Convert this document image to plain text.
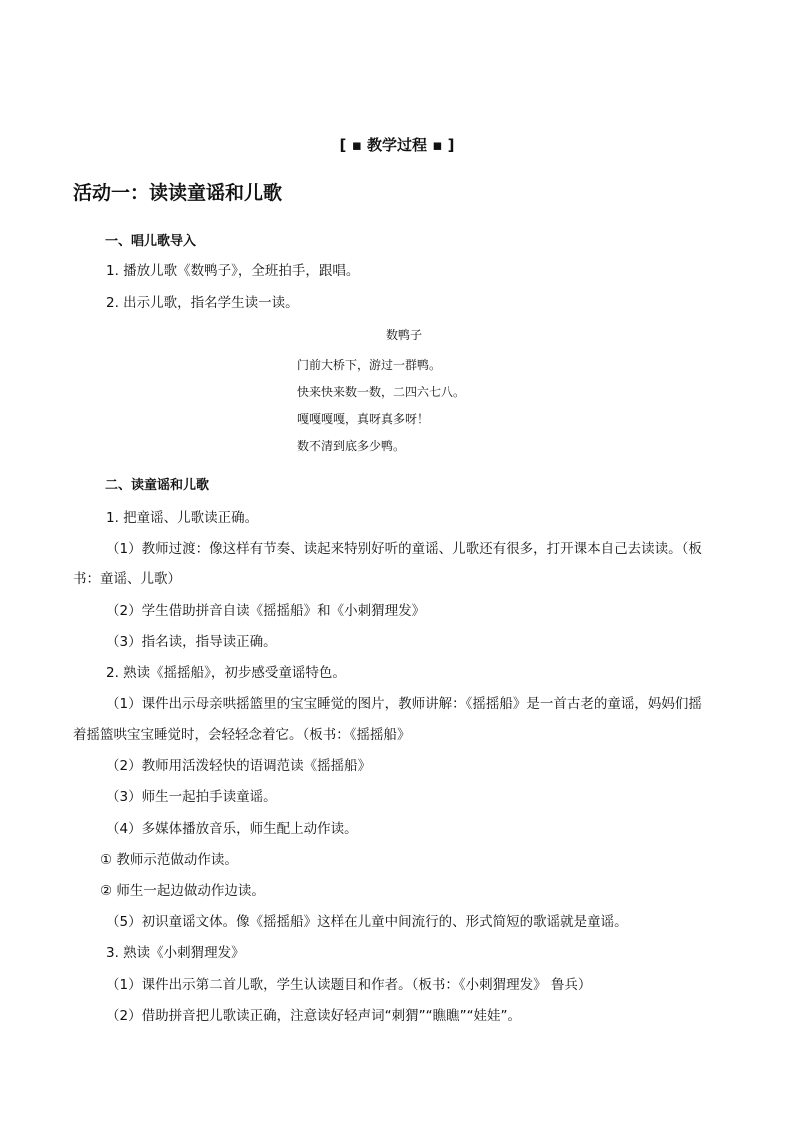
[ ▪ 教学过程 ▪ ]
活动一：读读童谣和儿歌
一、唱儿歌导入
1. 播放儿歌《数鸭子》，全班拍手，跟唱。
2. 出示儿歌，指名学生读一读。
数鸭子
门前大桥下，游过一群鸭。
快来快来数一数，二四六七八。
嘎嘎嘎嘎，真呀真多呀！
数不清到底多少鸭。
二、读童谣和儿歌
1. 把童谣、儿歌读正确。
（1）教师过渡：像这样有节奏、读起来特别好听的童谣、儿歌还有很多，打开课本自己去读读。（板
书：童谣、儿歌）
（2）学生借助拼音自读《摇摇船》和《小刺猬理发》
（3）指名读，指导读正确。
2. 熟读《摇摇船》，初步感受童谣特色。
（1）课件出示母亲哄摇篮里的宝宝睡觉的图片，教师讲解：《摇摇船》是一首古老的童谣，妈妈们摇
着摇篮哄宝宝睡觉时，会轻轻念着它。（板书：《摇摇船》
（2）教师用活泼轻快的语调范读《摇摇船》
（3）师生一起拍手读童谣。
（4）多媒体播放音乐，师生配上动作读。
① 教师示范做动作读。
② 师生一起边做动作边读。
（5）初识童谣文体。像《摇摇船》这样在儿童中间流行的、形式简短的歌谣就是童谣。
3. 熟读《小刺猬理发》
（1）课件出示第二首儿歌，学生认读题目和作者。（板书：《小刺猬理发》 鲁兵）
（2）借助拼音把儿歌读正确，注意读好轻声词“刺猬”“瞧瞧”“娃娃”。
